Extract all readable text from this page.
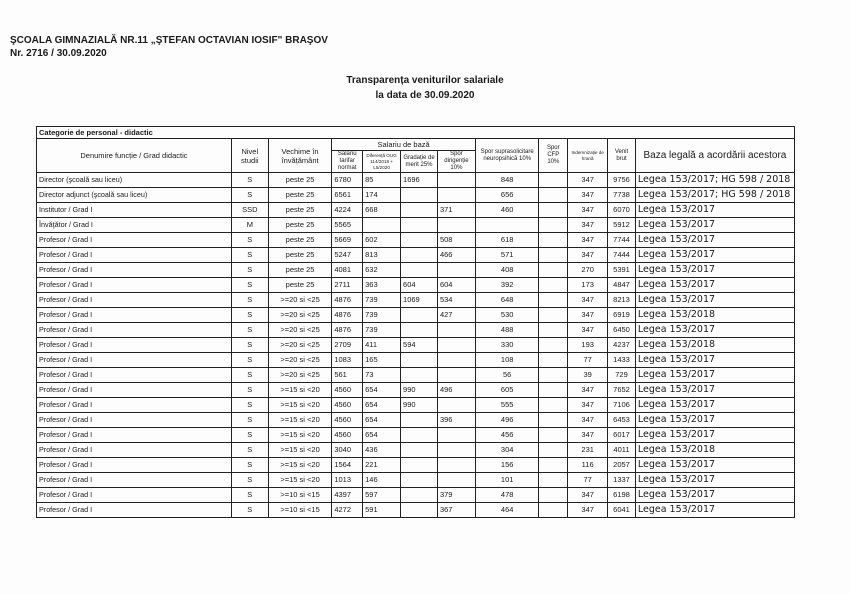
ŞCOALA GIMNAZIALĂ NR.11 „ŞTEFAN OCTAVIAN IOSIF" BRAŞOV
Nr. 2716 / 30.09.2020
Transparența veniturilor salariale
la data de 30.09.2020
Categorie de personal - didactic											
Denumire funcție / Grad didactic	Nivel studii	Vechime în învățământ	Salariu de bază				Spor suprasolicitare neuropsihică 10%	Spor CFP 10%	Indemnizație de hrană	Venit brut	Baza legală a acordării acestora
			Salariu tarifar normat	Diferență OUG 114/2018 + L5/2020	Gradație de merit 25%	Spor dirigenție 10%					
Director (şcoală sau liceu)	S	peste 25	6780	85	1696		848		347	9756	Legea 153/2017; HG 598 / 2018
Director adjunct (şcoală sau liceu)	S	peste 25	6561	174			656		347	7738	Legea 153/2017; HG 598 / 2018
Institutor / Grad I	SSD	peste 25	4224	668		371	460		347	6070	Legea 153/2017
Învăţător / Grad I	M	peste 25	5565						347	5912	Legea 153/2017
Profesor / Grad I	S	peste 25	5669	602		508	618		347	7744	Legea 153/2017
Profesor / Grad I	S	peste 25	5247	813		466	571		347	7444	Legea 153/2017
Profesor / Grad I	S	peste 25	4081	632			408		270	5391	Legea 153/2017
Profesor / Grad I	S	peste 25	2711	363	604	604	392		173	4847	Legea 153/2017
Profesor / Grad I	S	>=20 si <25	4876	739	1069	534	648		347	8213	Legea 153/2017
Profesor / Grad I	S	>=20 si <25	4876	739		427	530		347	6919	Legea 153/2018
Profesor / Grad I	S	>=20 si <25	4876	739			488		347	6450	Legea 153/2017
Profesor / Grad I	S	>=20 si <25	2709	411	594		330		193	4237	Legea 153/2018
Profesor / Grad I	S	>=20 si <25	1083	165			108		77	1433	Legea 153/2017
Profesor / Grad I	S	>=20 si <25	561	73			56		39	729	Legea 153/2017
Profesor / Grad I	S	>=15 si <20	4560	654	990	496	605		347	7652	Legea 153/2017
Profesor / Grad I	S	>=15 si <20	4560	654	990		555		347	7106	Legea 153/2017
Profesor / Grad I	S	>=15 si <20	4560	654		396	496		347	6453	Legea 153/2017
Profesor / Grad I	S	>=15 si <20	4560	654			456		347	6017	Legea 153/2017
Profesor / Grad I	S	>=15 si <20	3040	436			304		231	4011	Legea 153/2018
Profesor / Grad I	S	>=15 si <20	1564	221			156		116	2057	Legea 153/2017
Profesor / Grad I	S	>=15 si <20	1013	146			101		77	1337	Legea 153/2017
Profesor / Grad I	S	>=10 si <15	4397	597		379	478		347	6198	Legea 153/2017
Profesor / Grad I	S	>=10 si <15	4272	591		367	464		347	6041	Legea 153/2017
